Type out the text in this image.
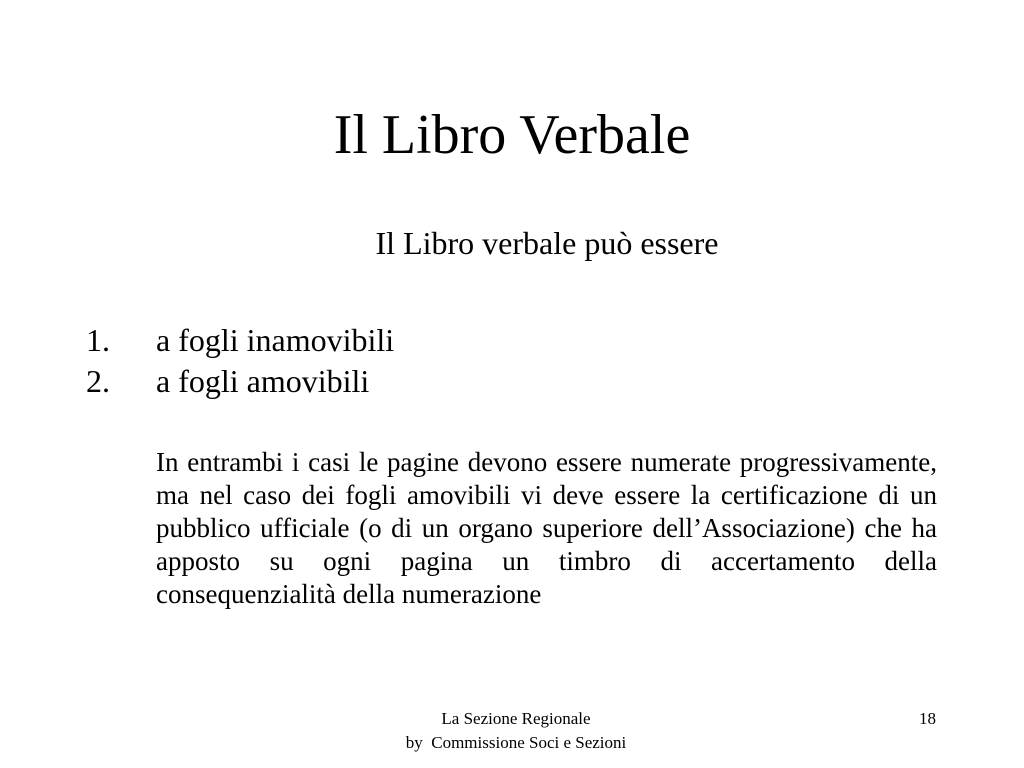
Il Libro Verbale

Il Libro verbale può essere

1.	a fogli inamovibili
2.	a fogli amovibili

In entrambi i casi le pagine devono essere numerate progressivamente, ma nel caso dei fogli amovibili vi deve essere la certificazione di un pubblico ufficiale (o di un organo superiore dell’Associazione) che ha apposto su ogni pagina un timbro di accertamento della consequenzialità della numerazione

La Sezione Regionale
by  Commissione Soci e Sezioni
18
